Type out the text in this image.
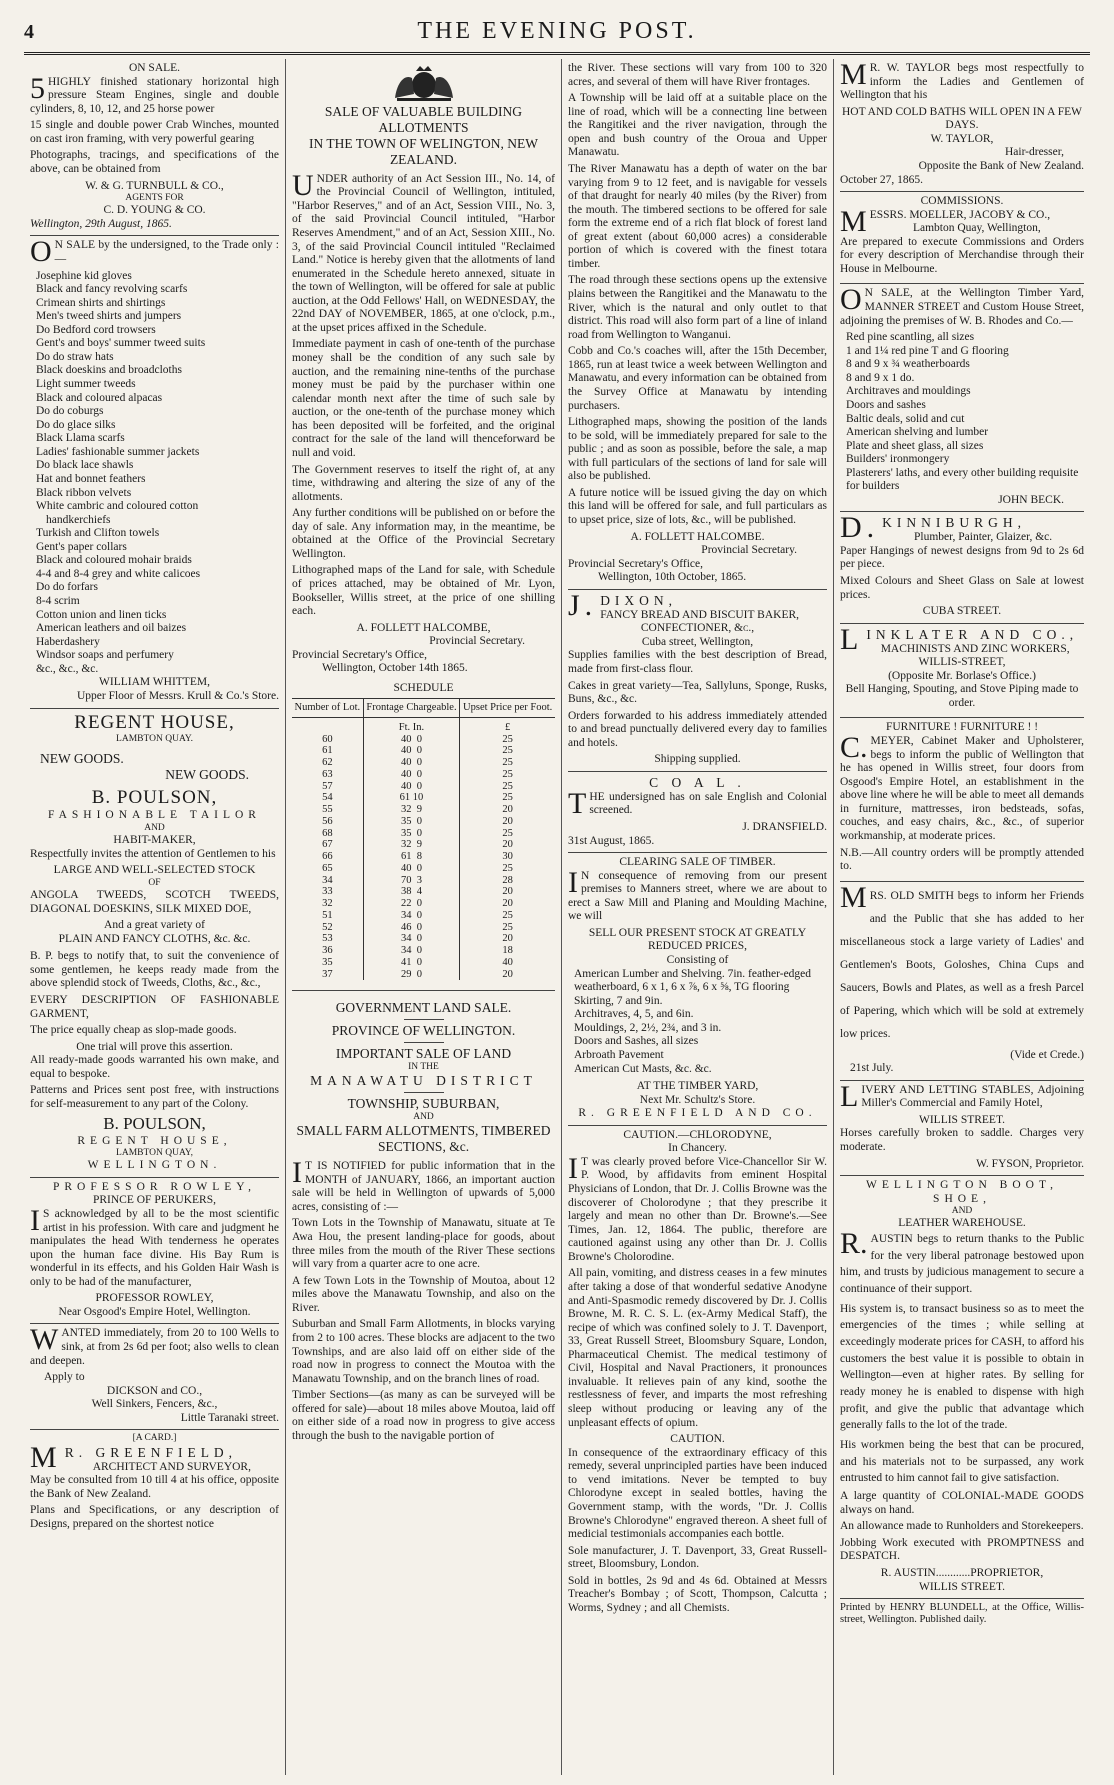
4	THE EVENING POST.
ON SALE.

5HIGHLY finished stationary horizontal high pressure Steam Engines, single and double cylinders, 8, 10, 12, and 25 horse power

15 single and double power Crab Winches, mounted on cast iron framing, with very powerful gearing

Photographs, tracings, and specifications of the above, can be obtained from

W. & G. TURNBULL & CO.,
AGENTS FOR
C. D. YOUNG & CO.
Wellington, 29th August, 1865.

ON SALE by the undersigned, to the Trade only :—

Josephine kid gloves
Black and fancy revolving scarfs
Crimean shirts and shirtings
Men's tweed shirts and jumpers
Do Bedford cord trowsers
Gent's and boys' summer tweed suits
Do do straw hats
Black doeskins and broadcloths
Light summer tweeds
Black and coloured alpacas
Do do coburgs
Do do glace silks
Black Llama scarfs
Ladies' fashionable summer jackets
Do black lace shawls
Hat and bonnet feathers
Black ribbon velvets
White cambric and coloured cotton
handkerchiefs
Turkish and Clifton towels
Gent's paper collars
Black and coloured mohair braids
4-4 and 8-4 grey and white calicoes
Do do forfars
8-4 scrim
Cotton union and linen ticks
American leathers and oil baizes
Haberdashery
Windsor soaps and perfumery
&c., &c., &c.
WILLIAM WHITTEM,
Upper Floor of Messrs. Krull & Co.'s Store.
REGENT HOUSE,
LAMBTON QUAY.
NEW GOODS.
NEW GOODS.
B. POULSON,
FASHIONABLE TAILOR
AND
HABIT-MAKER,

Respectfully invites the attention of Gentlemen to his

LARGE AND WELL-SELECTED STOCK
OF

ANGOLA TWEEDS, SCOTCH TWEEDS, DIAGONAL DOESKINS, SILK MIXED DOE,

And a great variety of
PLAIN AND FANCY CLOTHS, &c. &c.

B. P. begs to notify that, to suit the convenience of some gentlemen, he keeps ready made from the above splendid stock of Tweeds, Cloths, &c., &c.,

EVERY DESCRIPTION OF FASHIONABLE GARMENT,

The price equally cheap as slop-made goods.

One trial will prove this assertion.

All ready-made goods warranted his own make, and equal to bespoke.

Patterns and Prices sent post free, with instructions for self-measurement to any part of the Colony.

B. POULSON,
REGENT HOUSE,
LAMBTON QUAY,
WELLINGTON.
PROFESSOR ROWLEY,
PRINCE OF PERUKERS,

IS acknowledged by all to be the most scientific artist in his profession. With care and judgment he manipulates the head With tenderness he operates upon the human face divine. His Bay Rum is wonderful in its effects, and his Golden Hair Wash is only to be had of the manufacturer,

PROFESSOR ROWLEY,
Near Osgood's Empire Hotel, Wellington.

WANTED immediately, from 20 to 100 Wells to sink, at from 2s 6d per foot; also wells to clean and deepen.

Apply to
DICKSON and CO.,
Well Sinkers, Fencers, &c.,
Little Taranaki street.
[A CARD.]
MR. GREENFIELD,
ARCHITECT AND SURVEYOR,

May be consulted from 10 till 4 at his office, opposite the Bank of New Zealand.

Plans and Specifications, or any description of Designs, prepared on the shortest notice

SALE OF VALUABLE BUILDING ALLOTMENTS
IN THE TOWN OF WELINGTON, NEW ZEALAND.

UNDER authority of an Act Session III., No. 14, of the Provincial Council of Wellington, intituled, "Harbor Reserves," and of an Act, Session VIII., No. 3, of the said Provincial Council intituled, "Harbor Reserves Amendment," and of an Act, Session XIII., No. 3, of the said Provincial Council intituled "Reclaimed Land." Notice is hereby given that the allotments of land enumerated in the Schedule hereto annexed, situate in the town of Wellington, will be offered for sale at public auction, at the Odd Fellows' Hall, on WEDNESDAY, the 22nd DAY of NOVEMBER, 1865, at one o'clock, p.m., at the upset prices affixed in the Schedule.

Immediate payment in cash of one-tenth of the purchase money shall be the condition of any such sale by auction, and the remaining nine-tenths of the purchase money must be paid by the purchaser within one calendar month next after the time of such sale by auction, or the one-tenth of the purchase money which has been deposited will be forfeited, and the original contract for the sale of the land will thenceforward be null and void.

The Government reserves to itself the right of, at any time, withdrawing and altering the size of any of the allotments.

Any further conditions will be published on or before the day of sale. Any information may, in the meantime, be obtained at the Office of the Provincial Secretary Wellington.

Lithographed maps of the Land for sale, with Schedule of prices attached, may be obtained of Mr. Lyon, Bookseller, Willis street, at the price of one shilling each.

A. FOLLETT HALCOMBE,
Provincial Secretary.
Provincial Secretary's Office,
Wellington, October 14th 1865.
SCHEDULE
Number of Lot.	Frontage Chargeable.	Upset Price per Foot.
	Ft. In.	£
60	40  0	25
61	40  0	25
62	40  0	25
63	40  0	25
57	40  0	25
54	61 10	25
55	32  9	20
56	35  0	20
68	35  0	25
67	32  9	20
66	61  8	30
65	40  0	25
34	70  3	28
33	38  4	20
32	22  0	20
51	34  0	25
52	46  0	25
53	34  0	20
36	34  0	18
35	41  0	40
37	29  0	20
GOVERNMENT LAND SALE.
PROVINCE OF WELLINGTON.
IMPORTANT SALE OF LAND
IN THE
MANAWATU DISTRICT
TOWNSHIP, SUBURBAN,
AND
SMALL FARM ALLOTMENTS, TIMBERED SECTIONS, &c.

IT IS NOTIFIED for public information that in the MONTH of JANUARY, 1866, an important auction sale will be held in Wellington of upwards of 5,000 acres, consisting of :—

Town Lots in the Township of Manawatu, situate at Te Awa Hou, the present landing-place for goods, about three miles from the mouth of the River These sections will vary from a quarter acre to one acre.

A few Town Lots in the Township of Moutoa, about 12 miles above the Manawatu Township, and also on the River.

Suburban and Small Farm Allotments, in blocks varying from 2 to 100 acres. These blocks are adjacent to the two Townships, and are also laid off on either side of the road now in progress to connect the Moutoa with the Manawatu Township, and on the branch lines of road.

Timber Sections—(as many as can be surveyed will be offered for sale)—about 18 miles above Moutoa, laid off on either side of a road now in progress to give access through the bush to the navigable portion of

the River. These sections will vary from 100 to 320 acres, and several of them will have River frontages.

A Township will be laid off at a suitable place on the line of road, which will be a connecting line between the Rangitikei and the river navigation, through the open and bush country of the Oroua and Upper Manawatu.

The River Manawatu has a depth of water on the bar varying from 9 to 12 feet, and is navigable for vessels of that draught for nearly 40 miles (by the River) from the mouth. The timbered sections to be offered for sale form the extreme end of a rich flat block of forest land of great extent (about 60,000 acres) a considerable portion of which is covered with the finest totara timber.

The road through these sections opens up the extensive plains between the Rangitikei and the Manawatu to the River, which is the natural and only outlet to that district. This road will also form part of a line of inland road from Wellington to Wanganui.

Cobb and Co.'s coaches will, after the 15th December, 1865, run at least twice a week between Wellington and Manawatu, and every information can be obtained from the Survey Office at Manawatu by intending purchasers.

Lithographed maps, showing the position of the lands to be sold, will be immediately prepared for sale to the public ; and as soon as possible, before the sale, a map with full particulars of the sections of land for sale will also be published.

A future notice will be issued giving the day on which this land will be offered for sale, and full particulars as to upset price, size of lots, &c., will be published.

A. FOLLETT HALCOMBE.
Provincial Secretary.
Provincial Secretary's Office,
Wellington, 10th October, 1865.
J.DIXON,
FANCY BREAD AND BISCUIT BAKER,
CONFECTIONER, &c.,
Cuba street, Wellington,

Supplies families with the best description of Bread, made from first-class flour.

Cakes in great variety—Tea, Sallyluns, Sponge, Rusks, Buns, &c., &c.

Orders forwarded to his address immediately attended to and bread punctually delivered every day to families and hotels.

Shipping supplied.
C O A L .

THE undersigned has on sale English and Colonial screened.

J. DRANSFIELD.
31st August, 1865.
CLEARING SALE OF TIMBER.

IN consequence of removing from our present premises to Manners street, where we are about to erect a Saw Mill and Planing and Moulding Machine, we will

SELL OUR PRESENT STOCK AT GREATLY REDUCED PRICES,
Consisting of
American Lumber and Shelving. 7in. feather-edged weatherboard, 6 x 1, 6 x ⅞, 6 x ⅝, TG flooring
Skirting, 7 and 9in.
Architraves, 4, 5, and 6in.
Mouldings, 2, 2½, 2¾, and 3 in.
Doors and Sashes, all sizes
Arbroath Pavement
American Cut Masts, &c. &c.
AT THE TIMBER YARD,
Next Mr. Schultz's Store.
R. GREENFIELD AND CO.
CAUTION.—CHLORODYNE,
In Chancery.

IT was clearly proved before Vice-Chancellor Sir W. P. Wood, by affidavits from eminent Hospital Physicians of London, that Dr. J. Collis Browne was the discoverer of Cholorodyne ; that they prescribe it largely and mean no other than Dr. Browne's.—See Times, Jan. 12, 1864. The public, therefore are cautioned against using any other than Dr. J. Collis Browne's Cholorodine.

All pain, vomiting, and distress ceases in a few minutes after taking a dose of that wonderful sedative Anodyne and Anti-Spasmodic remedy discovered by Dr. J. Collis Browne, M. R. C. S. L. (ex-Army Medical Staff), the recipe of which was confined solely to J. T. Davenport, 33, Great Russell Street, Bloomsbury Square, London, Pharmaceutical Chemist. The medical testimony of Civil, Hospital and Naval Practioners, it pronounces invaluable. It relieves pain of any kind, soothe the restlessness of fever, and imparts the most refreshing sleep without producing or leaving any of the unpleasant effects of opium.

CAUTION.

In consequence of the extraordinary efficacy of this remedy, several unprincipled parties have been induced to vend imitations. Never be tempted to buy Chlorodyne except in sealed bottles, having the Government stamp, with the words, "Dr. J. Collis Browne's Chlorodyne" engraved thereon. A sheet full of medicial testimonials accompanies each bottle.

Sole manufacturer, J. T. Davenport, 33, Great Russell-street, Bloomsbury, London.

Sold in bottles, 2s 9d and 4s 6d. Obtained at Messrs Treacher's Bombay ; of Scott, Thompson, Calcutta ; Worms, Sydney ; and all Chemists.

MR. W. TAYLOR begs most respectfully to inform the Ladies and Gentlemen of Wellington that his

HOT AND COLD BATHS WILL OPEN IN A FEW DAYS.
W. TAYLOR,
Hair-dresser,
Opposite the Bank of New Zealand.
October 27, 1865.
COMMISSIONS.
MESSRS. MOELLER, JACOBY & CO.,
Lambton Quay, Wellington,

Are prepared to execute Commissions and Orders for every description of Merchandise through their House in Melbourne.

ON SALE, at the Wellington Timber Yard, MANNER STREET and Custom House Street, adjoining the premises of W. B. Rhodes and Co.—

Red pine scantling, all sizes
1 and 1¼ red pine T and G flooring
8 and 9 x ¾ weatherboards
8 and 9 x 1 do.
Architraves and mouldings
Doors and sashes
Baltic deals, solid and cut
American shelving and lumber
Plate and sheet glass, all sizes
Builders' ironmongery
Plasterers' laths, and every other building requisite for builders
JOHN BECK.
D.KINNIBURGH,
Plumber, Painter, Glaizer, &c.

Paper Hangings of newest designs from 9d to 2s 6d per piece.

Mixed Colours and Sheet Glass on Sale at lowest prices.

CUBA STREET.
LINKLATER AND CO.,
MACHINISTS AND ZINC WORKERS,
WILLIS-STREET,
(Opposite Mr. Borlase's Office.)

Bell Hanging, Spouting, and Stove Piping made to order.

FURNITURE ! FURNITURE ! !

C.MEYER, Cabinet Maker and Upholsterer, begs to inform the public of Wellington that he has opened in Willis street, four doors from Osgood's Empire Hotel, an establishment in the above line where he will be able to meet all demands in furniture, mattresses, iron bedsteads, sofas, couches, and easy chairs, &c., &c., of superior workmanship, at moderate prices.

N.B.—All country orders will be promptly attended to.

MRS. OLD SMITH begs to inform her Friends and the Public that she has added to her miscellaneous stock a large variety of Ladies' and Gentlemen's Boots, Goloshes, China Cups and Saucers, Bowls and Plates, as well as a fresh Parcel of Papering, which which will be sold at extremely low prices.

(Vide et Crede.)
21st July.

LIVERY AND LETTING STABLES, Adjoining Miller's Commercial and Family Hotel,

WILLIS STREET.

Horses carefully broken to saddle. Charges very moderate.

W. FYSON, Proprietor.
WELLINGTON BOOT, SHOE,
AND
LEATHER WAREHOUSE.

R.AUSTIN begs to return thanks to the Public for the very liberal patronage bestowed upon him, and trusts by judicious management to secure a continuance of their support.

His system is, to transact business so as to meet the emergencies of the times ; while selling at exceedingly moderate prices for CASH, to afford his customers the best value it is possible to obtain in Wellington—even at higher rates. By selling for ready money he is enabled to dispense with high profit, and give the public that advantage which generally falls to the lot of the trade.

His workmen being the best that can be procured, and his materials not to be surpassed, any work entrusted to him cannot fail to give satisfaction.

A large quantity of COLONIAL-MADE GOODS always on hand.

An allowance made to Runholders and Storekeepers.

Jobbing Work executed with PROMPTNESS and DESPATCH.

R. AUSTIN............PROPRIETOR,
WILLIS STREET.

Printed by HENRY BLUNDELL, at the Office, Willis-street, Wellington. Published daily.
